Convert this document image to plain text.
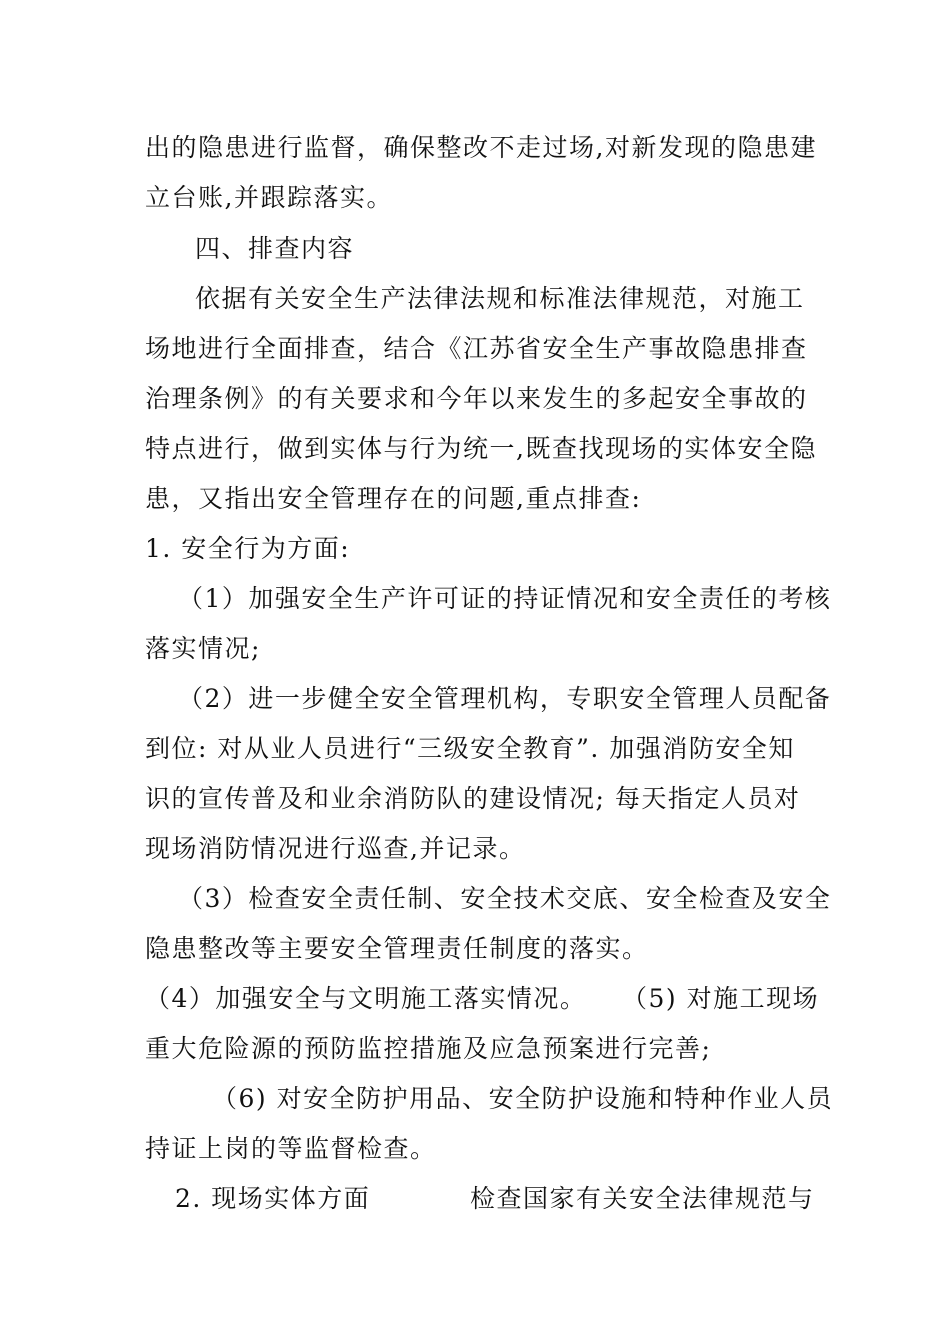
出的隐患进行监督，确保整改不走过场,对新发现的隐患建
立台账,并跟踪落实。
四、排查内容
依据有关安全生产法律法规和标准法律规范，对施工
场地进行全面排查，结合《江苏省安全生产事故隐患排查
治理条例》的有关要求和今年以来发生的多起安全事故的
特点进行，做到实体与行为统一,既查找现场的实体安全隐
患，又指出安全管理存在的问题,重点排查:
1. 安全行为方面:
（1）加强安全生产许可证的持证情况和安全责任的考核
落实情况;
（2）进一步健全安全管理机构，专职安全管理人员配备
到位: 对从业人员进行“三级安全教育”. 加强消防安全知
识的宣传普及和业余消防队的建设情况; 每天指定人员对
现场消防情况进行巡查,并记录。
（3）检查安全责任制、安全技术交底、安全检查及安全
隐患整改等主要安全管理责任制度的落实。
（4）加强安全与文明施工落实情况。 （5) 对施工现场
重大危险源的预防监控措施及应急预案进行完善;
（6) 对安全防护用品、安全防护设施和特种作业人员
持证上岗的等监督检查。
2. 现场实体方面	检查国家有关安全法律规范与
